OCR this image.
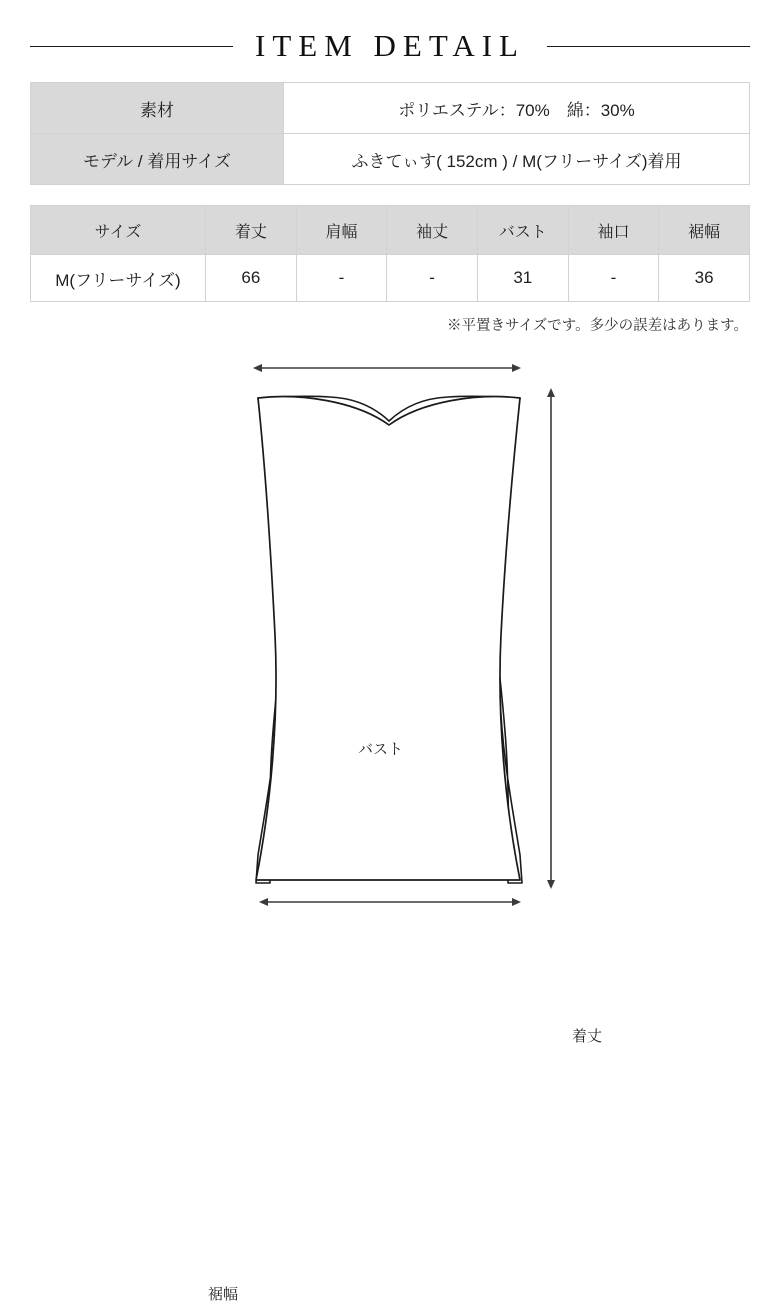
ITEM DETAIL
素材	ポリエステル：70%　綿：30%
モデル / 着用サイズ	ふきてぃす( 152cm ) / M(フリーサイズ)着用
サイズ	着丈	肩幅	袖丈	バスト	袖口	裾幅
M(フリーサイズ)	66	-	-	31	-	36
※平置きサイズです。多少の誤差はあります。
バスト
着丈
裾幅
